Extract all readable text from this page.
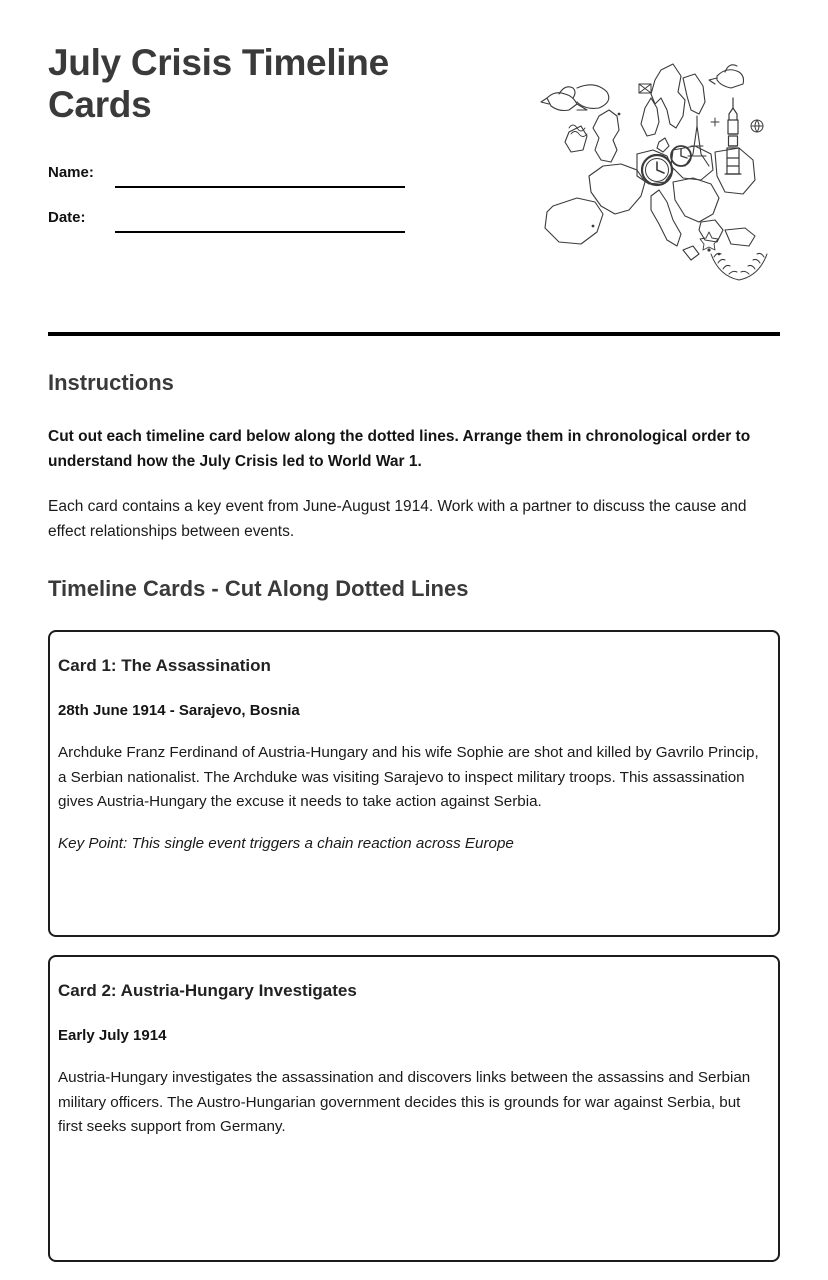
July Crisis Timeline Cards
Name:
Date:
Instructions

Cut out each timeline card below along the dotted lines. Arrange them in chronological order to understand how the July Crisis led to World War 1.

Each card contains a key event from June-August 1914. Work with a partner to discuss the cause and effect relationships between events.

Timeline Cards - Cut Along Dotted Lines
Card 1: The Assassination

28th June 1914 - Sarajevo, Bosnia

Archduke Franz Ferdinand of Austria-Hungary and his wife Sophie are shot and killed by Gavrilo Princip, a Serbian nationalist. The Archduke was visiting Sarajevo to inspect military troops. This assassination gives Austria-Hungary the excuse it needs to take action against Serbia.

Key Point: This single event triggers a chain reaction across Europe

Card 2: Austria-Hungary Investigates

Early July 1914

Austria-Hungary investigates the assassination and discovers links between the assassins and Serbian military officers. The Austro-Hungarian government decides this is grounds for war against Serbia, but first seeks support from Germany.
